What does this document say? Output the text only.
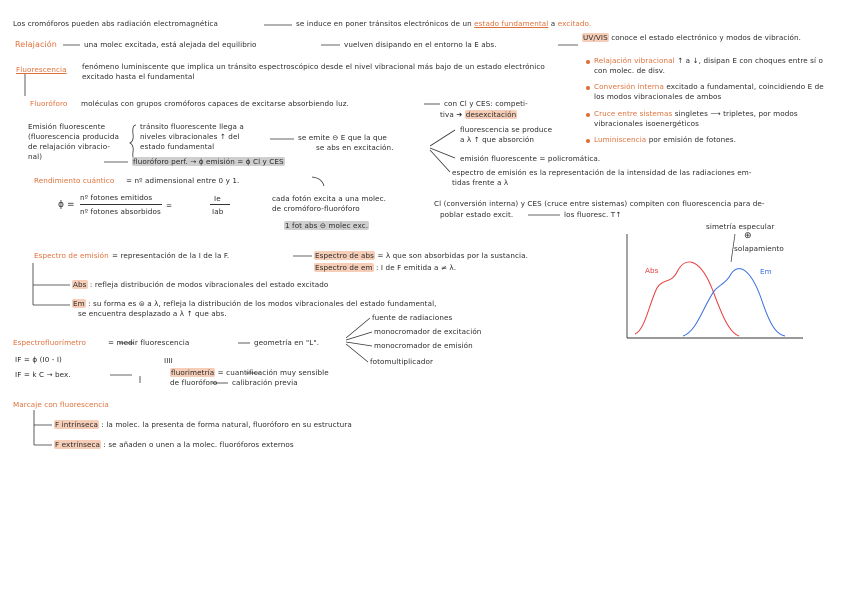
Los cromóforos pueden abs radiación electromagnética	se induce en poner tránsitos electrónicos de un estado fundamental a excitado.
Relajación	una molec excitada, está alejada del equilibrio	vuelven disipando en el entorno la E abs.
UV/VIS conoce el estado electrónico y modos de vibración.
Fluorescencia fenómeno luminiscente que implica un tránsito espectroscópico desde el nivel vibracional más bajo de un estado electrónico excitado hasta el fundamental
Fluoróforo moléculas con grupos cromóforos capaces de excitarse absorbiendo luz.	con Cl y CES: competi-
tiva ➔ desexcitación
Relajación vibracional ↑ a ↓, disipan E con choques entre sí o con molec. de disv.
Conversión interna excitado a fundamental, coincidiendo E de los modos vibracionales de ambos
Cruce entre sistemas singletes ⟶ tripletes, por modos vibracionales isoenergéticos
Luminiscencia por emisión de fotones.
Emisión fluorescente
(fluorescencia producida
de relajación vibracio-
nal)
tránsito fluorescente llega a
niveles vibracionales ↑ del
estado fundamental
se emite ⊖ E que la que
se abs en excitación.
fluorescencia se produce
a λ ↑ que absorción
emisión fluorescente = policromática.
espectro de emisión es la representación de la intensidad de las radiaciones em-
tidas frente a λ
fluoróforo perf. → ϕ emisión = ϕ Cl y CES
Rendimiento cuántico = nº adimensional entre 0 y 1.
ϕ =
nº fotones emitidos
nº fotones absorbidos
=
Ie
Iab
cada fotón excita a una molec.
de cromóforo-fluoróforo
1 fot abs ⊖ molec exc.
Cl (conversión interna) y CES (cruce entre sistemas) compiten con fluorescencia para de-
poblar estado excit.	los fluoresc. T↑
Espectro de emisión = representación de la I de la F.	Espectro de abs = λ que son absorbidas por la sustancia.
Espectro de em : I de F emitida a ≠ λ.
Abs : refleja distribución de modos vibracionales del estado excitado
Em : su forma es ⊜ a λ, refleja la distribución de los modos vibracionales del estado fundamental,
se encuentra desplazado a λ ↑ que abs.
simetría especular
⊕
solapamiento
Abs	Em
Espectrofluorímetro	= medir fluorescencia	geometría en "L".
fuente de radiaciones
monocromador de excitación
monocromador de emisión
fotomultiplicador
IF = ϕ (I0 - I)	IIII
IF = k C → bex.	fluorimetría = cuantificación muy sensible
de fluoróforo calibración previa
Marcaje con fluorescencia
F intrínseca : la molec. la presenta de forma natural, fluoróforo en su estructura
F extrínseca : se añaden o unen a la molec. fluoróforos externos
